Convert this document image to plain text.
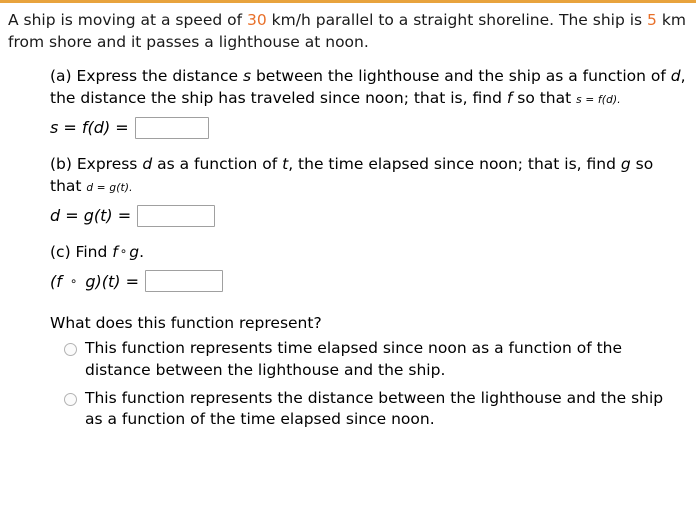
A ship is moving at a speed of 30 km/h parallel to a straight shoreline. The ship is 5 km from shore and it passes a lighthouse at noon.

(a) Express the distance s between the lighthouse and the ship as a function of d, the distance the ship has traveled since noon; that is, find f so that s = f(d).
s = f(d) =
(b) Express d as a function of t, the time elapsed since noon; that is, find g so that d = g(t).
d = g(t) =
(c) Find f ∘ g.
(f ∘ g)(t) =
What does this function represent?
This function represents time elapsed since noon as a function of the distance between the lighthouse and the ship.
This function represents the distance between the lighthouse and the ship as a function of the time elapsed since noon.
